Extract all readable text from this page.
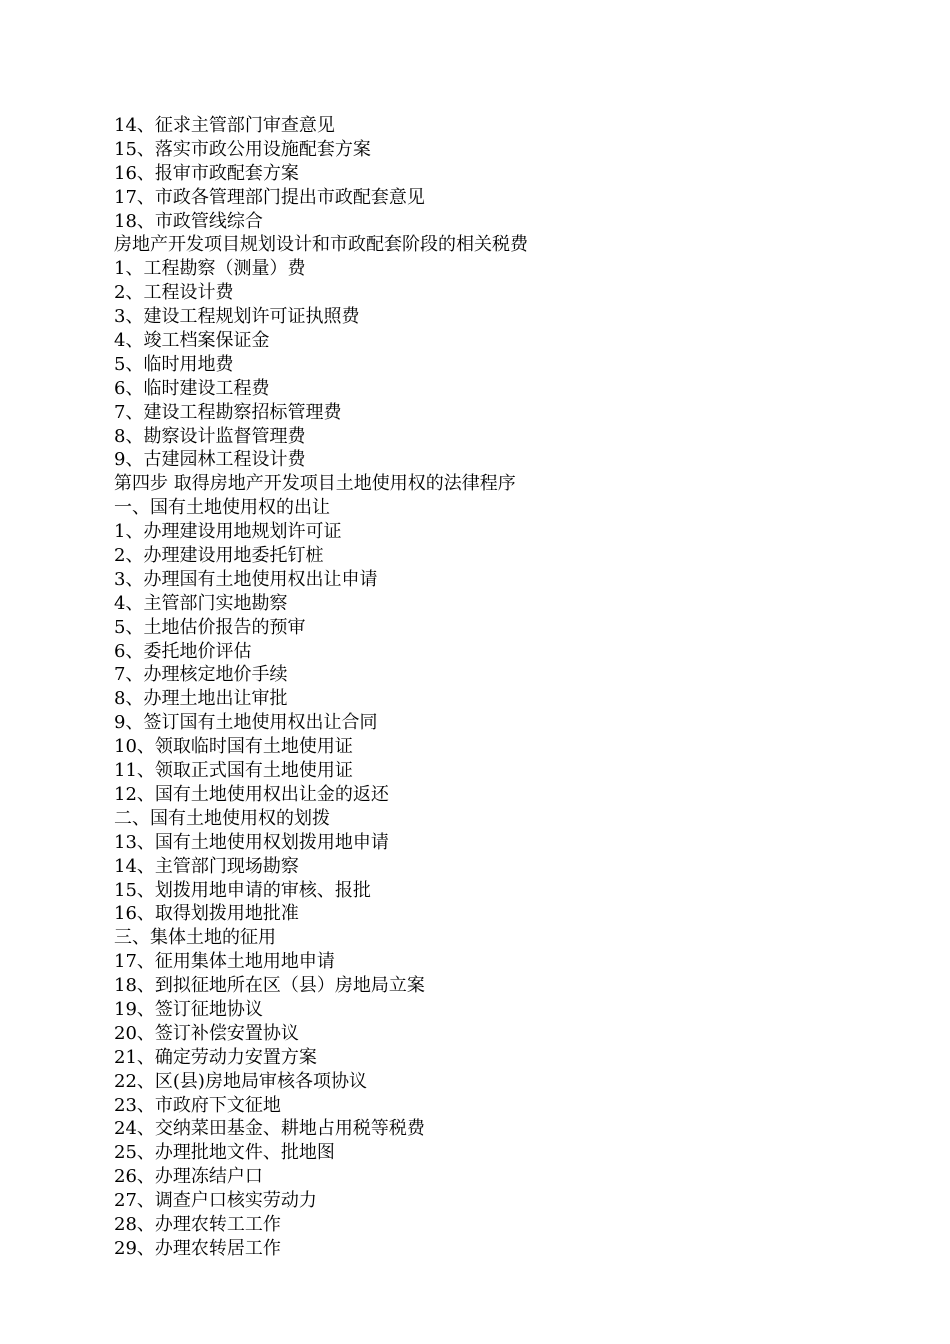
14、征求主管部门审查意见
15、落实市政公用设施配套方案
16、报审市政配套方案
17、市政各管理部门提出市政配套意见
18、市政管线综合
房地产开发项目规划设计和市政配套阶段的相关税费
1、工程勘察（测量）费
2、工程设计费
3、建设工程规划许可证执照费
4、竣工档案保证金
5、临时用地费
6、临时建设工程费
7、建设工程勘察招标管理费
8、勘察设计监督管理费
9、古建园林工程设计费
第四步 取得房地产开发项目土地使用权的法律程序
一、国有土地使用权的出让
1、办理建设用地规划许可证
2、办理建设用地委托钉桩
3、办理国有土地使用权出让申请
4、主管部门实地勘察
5、土地估价报告的预审
6、委托地价评估
7、办理核定地价手续
8、办理土地出让审批
9、签订国有土地使用权出让合同
10、领取临时国有土地使用证
11、领取正式国有土地使用证
12、国有土地使用权出让金的返还
二、国有土地使用权的划拨
13、国有土地使用权划拨用地申请
14、主管部门现场勘察
15、划拨用地申请的审核、报批
16、取得划拨用地批准
三、集体土地的征用
17、征用集体土地用地申请
18、到拟征地所在区（县）房地局立案
19、签订征地协议
20、签订补偿安置协议
21、确定劳动力安置方案
22、区(县)房地局审核各项协议
23、市政府下文征地
24、交纳菜田基金、耕地占用税等税费
25、办理批地文件、批地图
26、办理冻结户口
27、调查户口核实劳动力
28、办理农转工工作
29、办理农转居工作
